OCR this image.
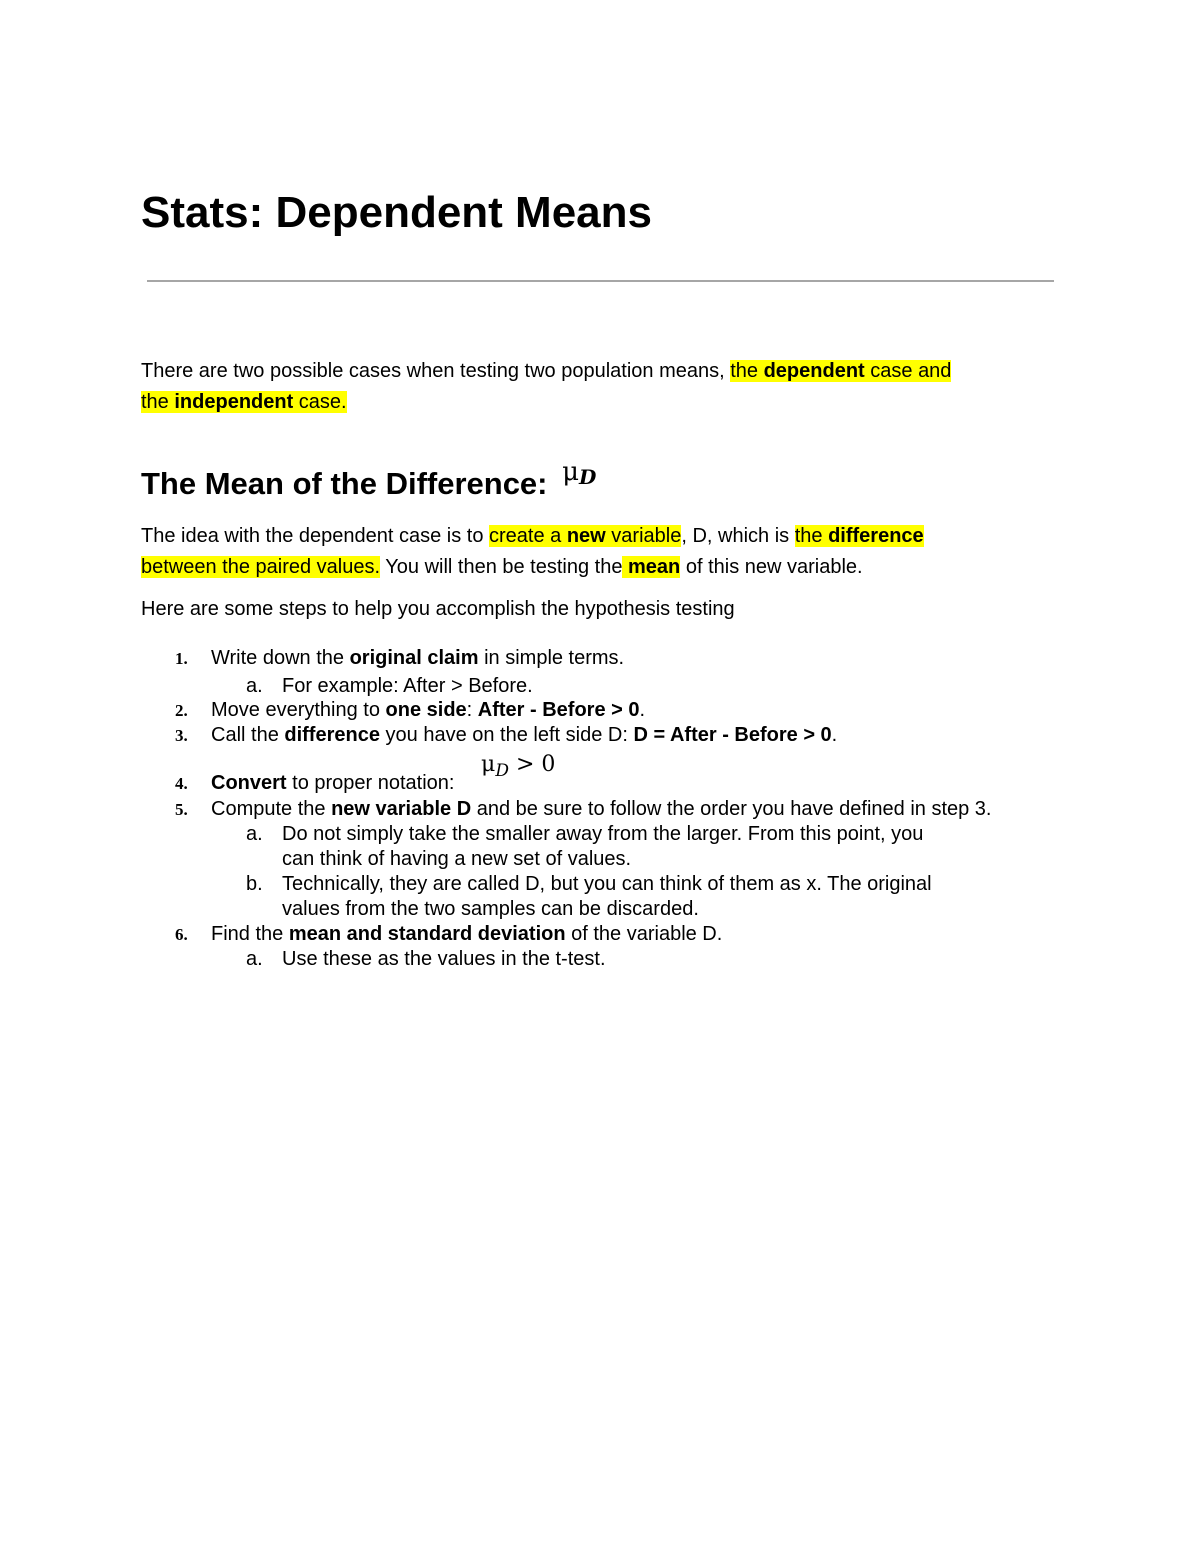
Stats: Dependent Means

There are two possible cases when testing two population means, the dependent case and
the independent case.

The Mean of the Difference: $^{\mu D}$

The idea with the dependent case is to create a new variable, D, which is the difference
between the paired values. You will then be testing the mean of this new variable.

Here are some steps to help you accomplish the hypothesis testing

1. Write down the original claim in simple terms.
a. For example: After > Before.
2. Move everything to one side: After - Before > 0.
3. Call the difference you have on the left side D: D = After - Before > 0.
4. Convert to proper notation:
$\mu_D > 0$
5. Compute the new variable D and be sure to follow the order you have defined in step 3.
a. Do not simply take the smaller away from the larger. From this point, you
can think of having a new set of values.
b. Technically, they are called D, but you can think of them as x. The original
values from the two samples can be discarded.
6. Find the mean and standard deviation of the variable D.
a. Use these as the values in the t-test.
